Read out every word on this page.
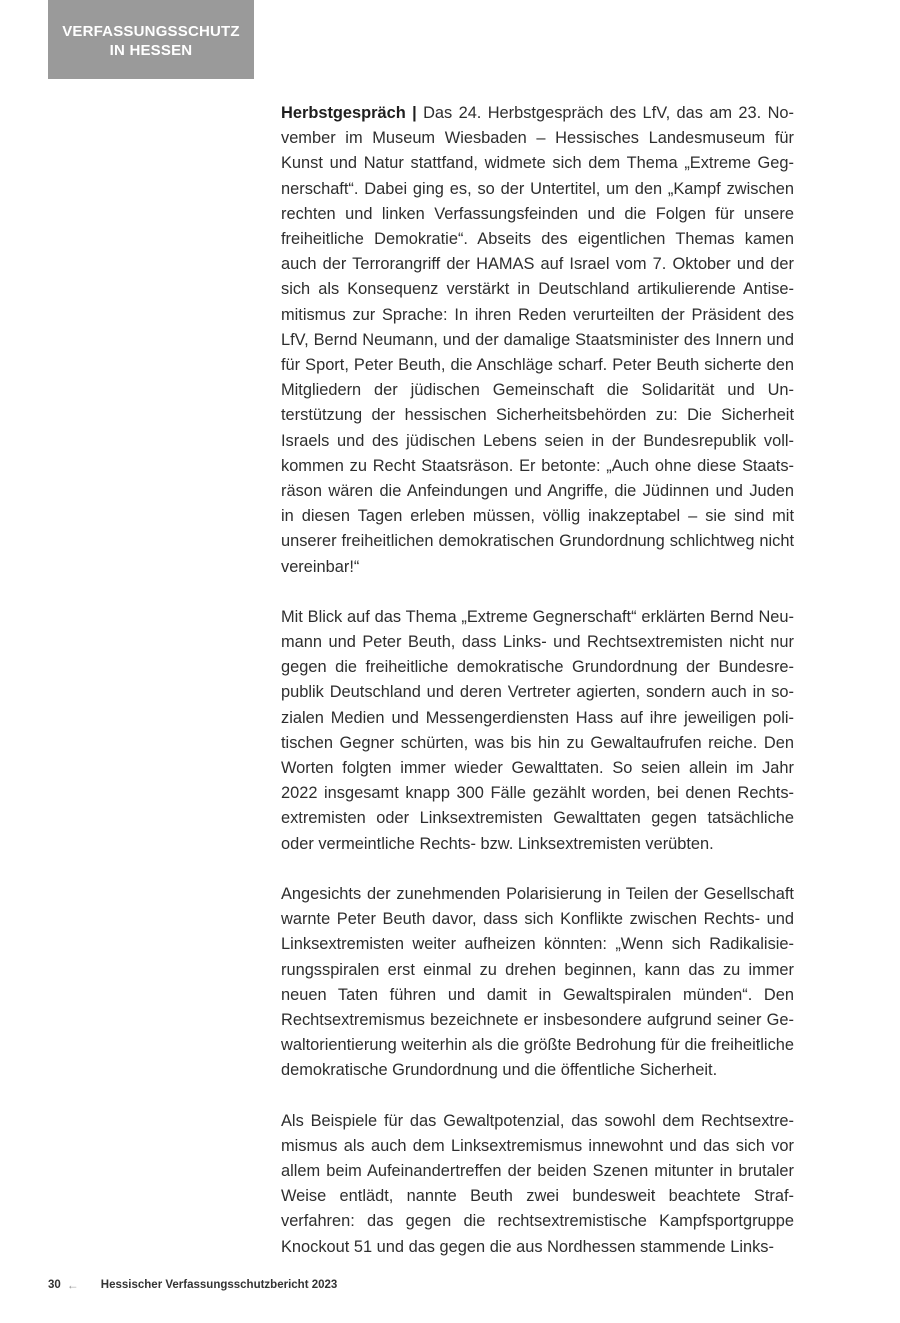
VERFASSUNGSSCHUTZ
IN HESSEN

Herbstgespräch | Das 24. Herbstgespräch des LfV, das am 23. November im Museum Wiesbaden – Hessisches Landesmuseum für Kunst und Natur stattfand, widmete sich dem Thema „Extreme Gegnerschaft“. Dabei ging es, so der Untertitel, um den „Kampf zwischen rechten und linken Verfassungsfeinden und die Folgen für unsere freiheitliche Demokratie“. Abseits des eigentlichen Themas kamen auch der Terrorangriff der HAMAS auf Israel vom 7. Oktober und der sich als Konsequenz verstärkt in Deutschland artikulierende Antisemitismus zur Sprache: In ihren Reden verurteilten der Präsident des LfV, Bernd Neumann, und der damalige Staatsminister des Innern und für Sport, Peter Beuth, die Anschläge scharf. Peter Beuth sicherte den Mitgliedern der jüdischen Gemeinschaft die Solidarität und Unterstützung der hessischen Sicherheitsbehörden zu: Die Sicherheit Israels und des jüdischen Lebens seien in der Bundesrepublik vollkommen zu Recht Staatsräson. Er betonte: „Auch ohne diese Staatsräson wären die Anfeindungen und Angriffe, die Jüdinnen und Juden in diesen Tagen erleben müssen, völlig inakzeptabel – sie sind mit unserer freiheitlichen demokratischen Grundordnung schlichtweg nicht vereinbar!“

Mit Blick auf das Thema „Extreme Gegnerschaft“ erklärten Bernd Neumann und Peter Beuth, dass Links- und Rechtsextremisten nicht nur gegen die freiheitliche demokratische Grundordnung der Bundesrepublik Deutschland und deren Vertreter agierten, sondern auch in sozialen Medien und Messengerdiensten Hass auf ihre jeweiligen politischen Gegner schürten, was bis hin zu Gewaltaufrufen reiche. Den Worten folgten immer wieder Gewalttaten. So seien allein im Jahr 2022 insgesamt knapp 300 Fälle gezählt worden, bei denen Rechtsextremisten oder Linksextremisten Gewalttaten gegen tatsächliche oder vermeintliche Rechts- bzw. Linksextremisten verübten.

Angesichts der zunehmenden Polarisierung in Teilen der Gesellschaft warnte Peter Beuth davor, dass sich Konflikte zwischen Rechts- und Linksextremisten weiter aufheizen könnten: „Wenn sich Radikalisierungsspiralen erst einmal zu drehen beginnen, kann das zu immer neuen Taten führen und damit in Gewaltspiralen münden“. Den Rechtsextremismus bezeichnete er insbesondere aufgrund seiner Gewaltorientierung weiterhin als die größte Bedrohung für die freiheitliche demokratische Grundordnung und die öffentliche Sicherheit.

Als Beispiele für das Gewaltpotenzial, das sowohl dem Rechtsextremismus als auch dem Linksextremismus innewohnt und das sich vor allem beim Aufeinandertreffen der beiden Szenen mitunter in brutaler Weise entlädt, nannte Beuth zwei bundesweit beachtete Strafverfahren: das gegen die rechtsextremistische Kampfsportgruppe Knockout 51 und das gegen die aus Nordhessen stammende Links-

30 ← Hessischer Verfassungsschutzbericht 2023
